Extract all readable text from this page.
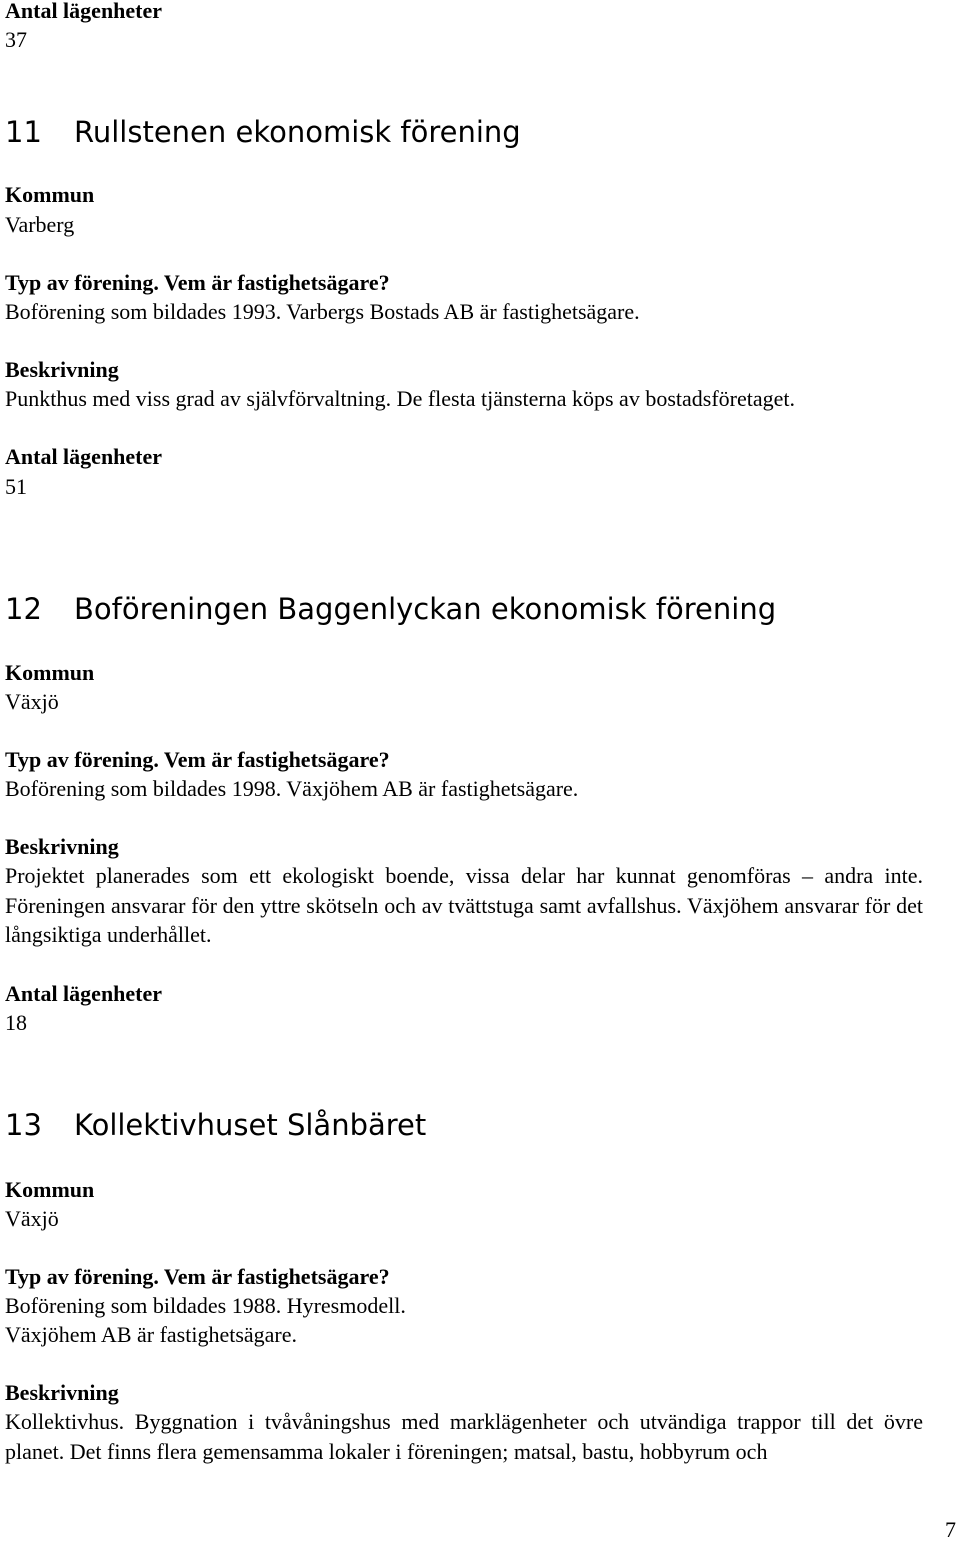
Antal lägenheter
37
11 Rullstenen ekonomisk förening
Kommun
Varberg
Typ av förening. Vem är fastighetsägare?
Boförening som bildades 1993. Varbergs Bostads AB är fastighetsägare.
Beskrivning
Punkthus med viss grad av självförvaltning. De flesta tjänsterna köps av bostadsföretaget.
Antal lägenheter
51
12 Boföreningen Baggenlyckan ekonomisk förening
Kommun
Växjö
Typ av förening. Vem är fastighetsägare?
Boförening som bildades 1998. Växjöhem AB är fastighetsägare.
Beskrivning
Projektet planerades som ett ekologiskt boende, vissa delar har kunnat genomföras – andra inte. Föreningen ansvarar för den yttre skötseln och av tvättstuga samt avfallshus. Växjöhem ansvarar för det långsiktiga underhållet.
Antal lägenheter
18
13 Kollektivhuset Slånbäret
Kommun
Växjö
Typ av förening. Vem är fastighetsägare?
Boförening som bildades 1988. Hyresmodell.
Växjöhem AB är fastighetsägare.
Beskrivning
Kollektivhus. Byggnation i tvåvåningshus med marklägenheter och utvändiga trappor till det övre planet. Det finns flera gemensamma lokaler i föreningen; matsal, bastu, hobbyrum och
7
